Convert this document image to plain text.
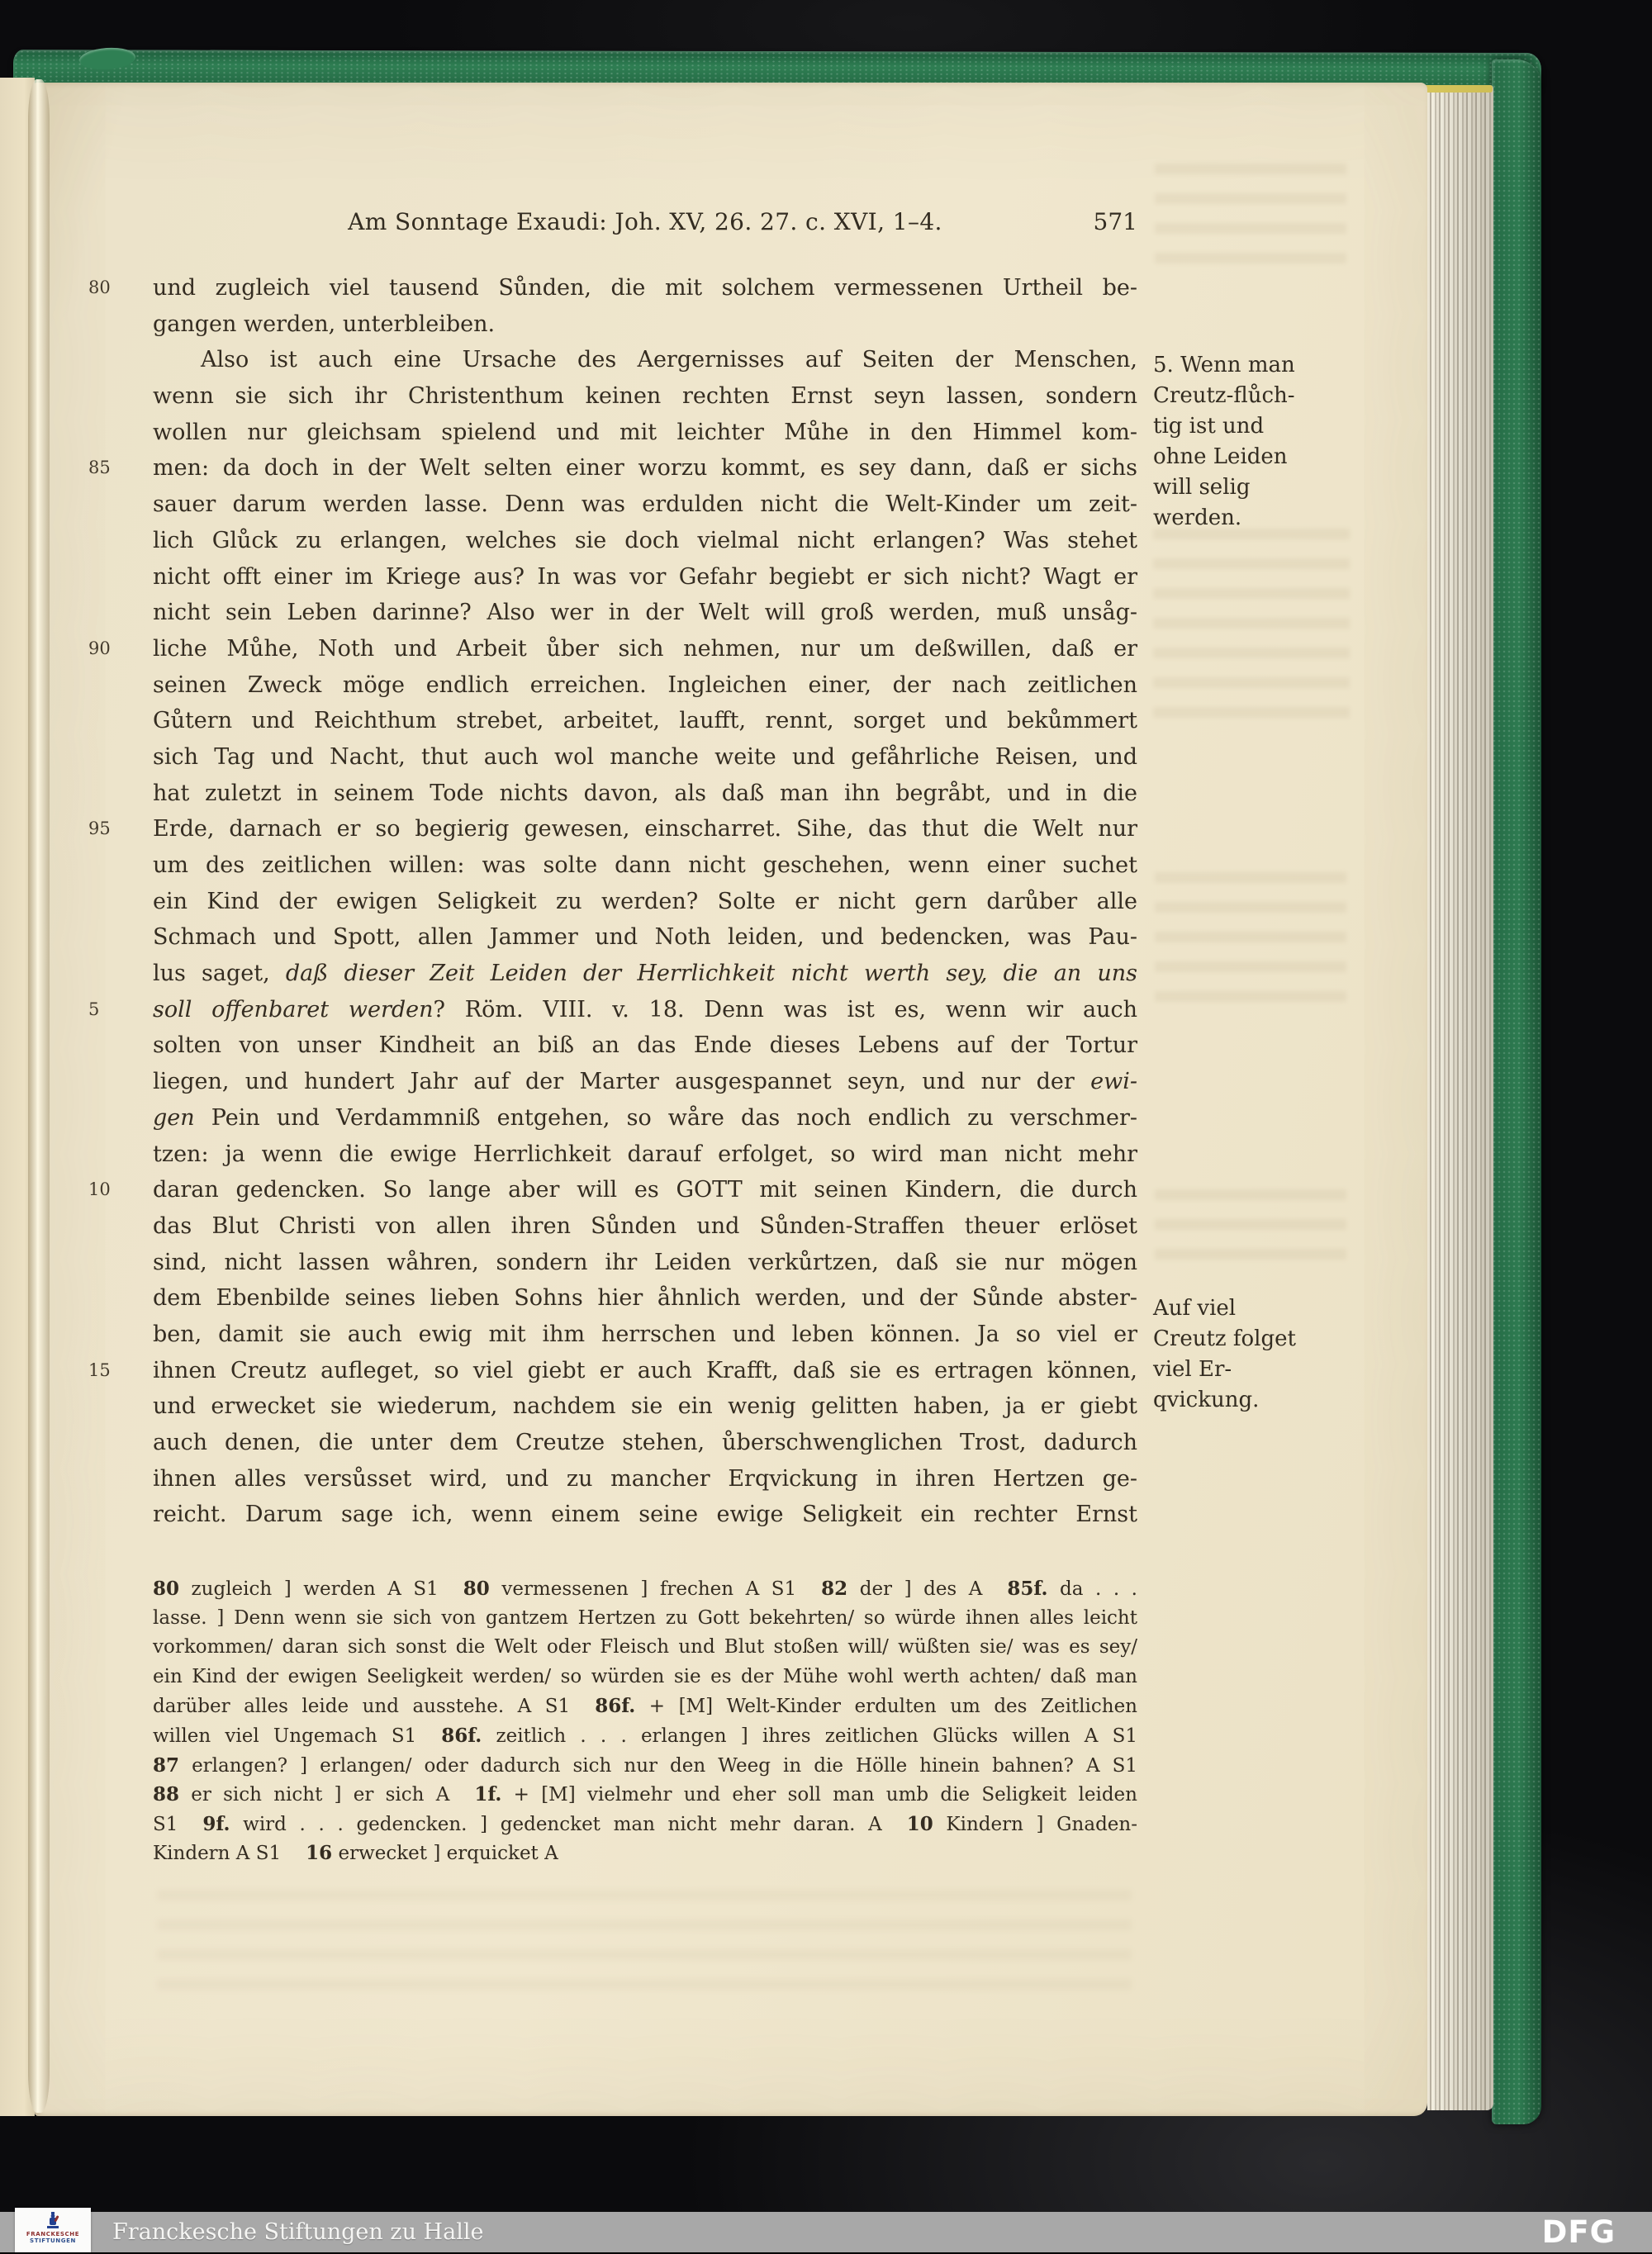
Am Sonntage Exaudi: Joh. XV, 26. 27. c. XVI, 1–4.	571
80	und zugleich viel tausend Sůnden, die mit solchem vermessenen Urtheil be-
gangen werden, unterbleiben.
Also ist auch eine Ursache des Aergernisses auf Seiten der Menschen,
wenn sie sich ihr Christenthum keinen rechten Ernst seyn lassen, sondern
wollen nur gleichsam spielend und mit leichter Můhe in den Himmel kom-
85	men: da doch in der Welt selten einer worzu kommt, es sey dann, daß er sichs
sauer darum werden lasse. Denn was erdulden nicht die Welt-Kinder um zeit-
lich Glůck zu erlangen, welches sie doch vielmal nicht erlangen? Was stehet
nicht offt einer im Kriege aus? In was vor Gefahr begiebt er sich nicht? Wagt er
nicht sein Leben darinne? Also wer in der Welt will groß werden, muß unsåg-
90	liche Můhe, Noth und Arbeit ůber sich nehmen, nur um deßwillen, daß er
seinen Zweck möge endlich erreichen. Ingleichen einer, der nach zeitlichen
Gůtern und Reichthum strebet, arbeitet, laufft, rennt, sorget und bekůmmert
sich Tag und Nacht, thut auch wol manche weite und gefåhrliche Reisen, und
hat zuletzt in seinem Tode nichts davon, als daß man ihn begråbt, und in die
95	Erde, darnach er so begierig gewesen, einscharret. Sihe, das thut die Welt nur
um des zeitlichen willen: was solte dann nicht geschehen, wenn einer suchet
ein Kind der ewigen Seligkeit zu werden? Solte er nicht gern darůber alle
Schmach und Spott, allen Jammer und Noth leiden, und bedencken, was Pau-
lus saget, daß dieser Zeit Leiden der Herrlichkeit nicht werth sey, die an uns
5	soll offenbaret werden? Röm. VIII. v. 18. Denn was ist es, wenn wir auch
solten von unser Kindheit an biß an das Ende dieses Lebens auf der Tortur
liegen, und hundert Jahr auf der Marter ausgespannet seyn, und nur der ewi-
gen Pein und Verdammniß entgehen, so wåre das noch endlich zu verschmer-
tzen: ja wenn die ewige Herrlichkeit darauf erfolget, so wird man nicht mehr
10	daran gedencken. So lange aber will es GOTT mit seinen Kindern, die durch
das Blut Christi von allen ihren Sůnden und Sůnden-Straffen theuer erlöset
sind, nicht lassen wåhren, sondern ihr Leiden verkůrtzen, daß sie nur mögen
dem Ebenbilde seines lieben Sohns hier åhnlich werden, und der Sůnde abster-
ben, damit sie auch ewig mit ihm herrschen und leben können. Ja so viel er
15	ihnen Creutz aufleget, so viel giebt er auch Krafft, daß sie es ertragen können,
und erwecket sie wiederum, nachdem sie ein wenig gelitten haben, ja er giebt
auch denen, die unter dem Creutze stehen, ůberschwenglichen Trost, dadurch
ihnen alles versůsset wird, und zu mancher Erqvickung in ihren Hertzen ge-
reicht. Darum sage ich, wenn einem seine ewige Seligkeit ein rechter Ernst
5. Wenn man
Creutz-flůch-
tig ist und
ohne Leiden
will selig
werden.
Auf viel
Creutz folget
viel Er-
qvickung.
80 zugleich ] werden A S1 80 vermessenen ] frechen A S1 82 der ] des A 85f. da . . .
lasse. ] Denn wenn sie sich von gantzem Hertzen zu Gott bekehrten/ so würde ihnen alles leicht
vorkommen/ daran sich sonst die Welt oder Fleisch und Blut stoßen will/ wüßten sie/ was es sey/
ein Kind der ewigen Seeligkeit werden/ so würden sie es der Mühe wohl werth achten/ daß man
darüber alles leide und ausstehe. A S1 86f. + [M] Welt-Kinder erdulten um des Zeitlichen
willen viel Ungemach S1 86f. zeitlich . . . erlangen ] ihres zeitlichen Glücks willen A S1
87 erlangen? ] erlangen/ oder dadurch sich nur den Weeg in die Hölle hinein bahnen? A S1
88 er sich nicht ] er sich A 1f. + [M] vielmehr und eher soll man umb die Seligkeit leiden
S1 9f. wird . . . gedencken. ] gedencket man nicht mehr daran. A 10 Kindern ] Gnaden-
Kindern A S1 16 erwecket ] erquicket A
FRANCKESCHE
STIFTUNGEN	Franckesche Stiftungen zu Halle	DFG
